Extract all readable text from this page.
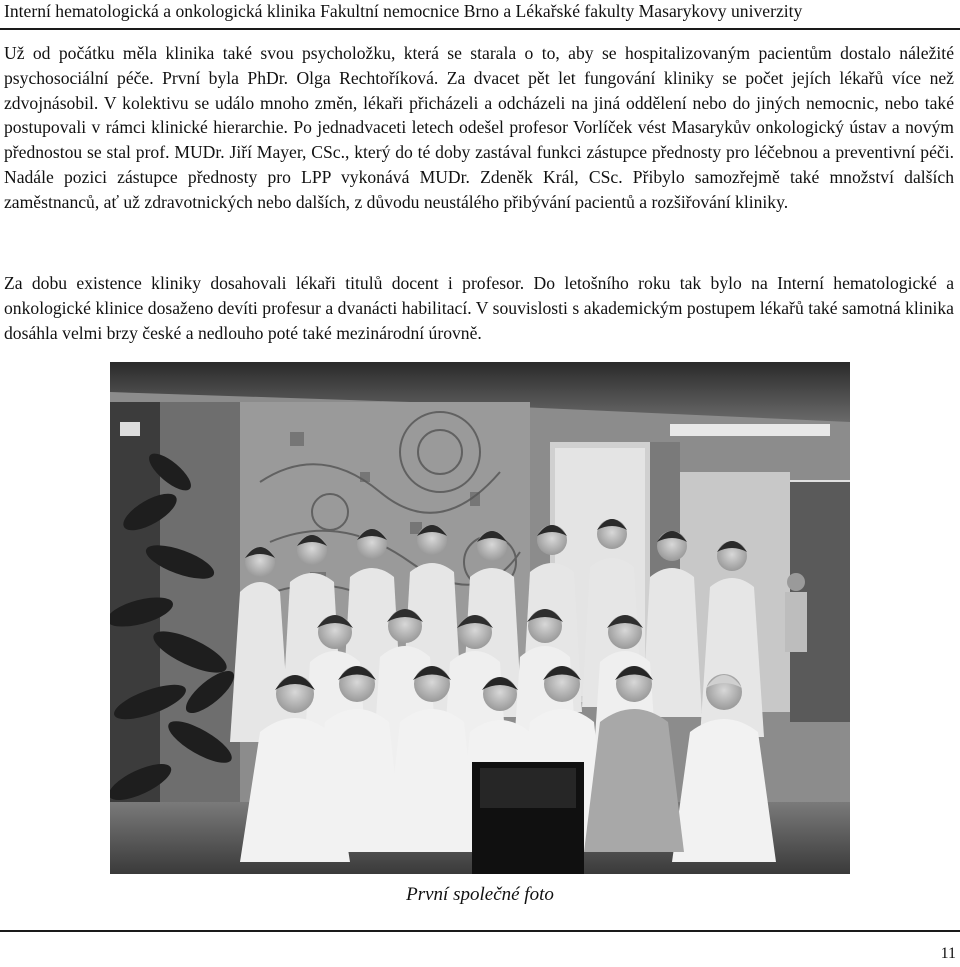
Interní hematologická a onkologická klinika Fakultní nemocnice Brno a Lékařské fakulty Masarykovy univerzity

Už od počátku měla klinika také svou psycholožku, která se starala o to, aby se hospitalizovaným pacientům dostalo náležité psychosociální péče. První byla PhDr. Olga Rechtoříková. Za dvacet pět let fungování kliniky se počet jejích lékařů více než zdvojnásobil. V kolektivu se událo mnoho změn, lékaři přicházeli a odcházeli na jiná oddělení nebo do jiných nemocnic, nebo také postupovali v rámci klinické hierarchie. Po jednadvaceti letech odešel profesor Vorlíček vést Masarykův onkologický ústav a novým přednostou se stal prof. MUDr. Jiří Mayer, CSc., který do té doby zastával funkci zástupce přednosty pro léčebnou a preventivní péči. Nadále pozici zástupce přednosty pro LPP vykonává MUDr. Zdeněk Král, CSc. Přibylo samozřejmě také množství dalších zaměstnanců, ať už zdravotnických nebo dalších, z důvodu neustálého přibývání pacientů a rozšiřování kliniky.

Za dobu existence kliniky dosahovali lékaři titulů docent i profesor. Do letošního roku tak bylo na Interní hematologické a onkologické klinice dosaženo devíti profesur a dvanácti habilitací. V souvislosti s akademickým postupem lékařů také samotná klinika dosáhla velmi brzy české a nedlouho poté také mezinárodní úrovně.

První společné foto
11
